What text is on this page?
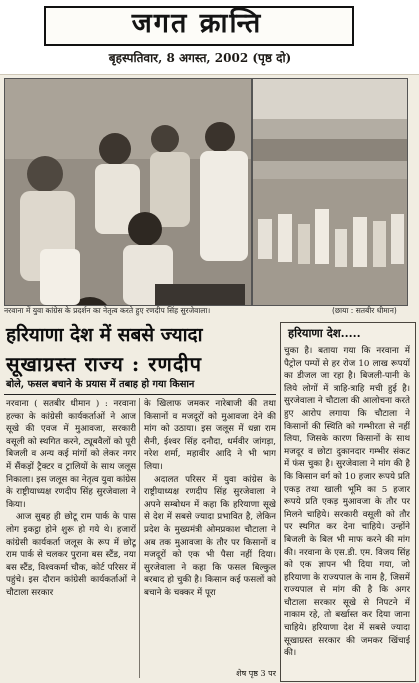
जगत क्रान्ति
बृहस्पतिवार, 8 अगस्त, 2002 (पृष्ठ दो)
नरवाना में युवा कांग्रेस के प्रदर्शन का नेतृत्व करते हुए रणदीप सिंह सुरजेवाला।	(छाया : सतबीर धीमान)
हरियाणा देश में सबसे ज्यादा
सूखाग्रस्त राज्य : रणदीप
बोले, फसल बचाने के प्रयास में तबाह हो गया किसान

नरवाना ( सतबीर धीमान ) : नरवाना हल्का के कांग्रेसी कार्यकर्ताओं ने आज सूखे की एवज में मुआवजा, सरकारी वसूली को स्थगित करने, ट्यूबवैलों को पूरी बिजली व अन्य कई मांगों को लेकर नगर में सैंकड़ों ट्रैक्टर व ट्रालियों के साथ जलूस निकाला। इस जलूस का नेतृत्व युवा कांग्रेस के राष्ट्रीयाध्यक्ष रणदीप सिंह सुरजेवाला ने किया।

आज सुबह ही छोटू राम पार्क के पास लोग इकट्ठा होने शुरू हो गये थे। हजारों कांग्रेसी कार्यकर्ता जलूस के रूप में छोटू राम पार्क से चलकर पुराना बस स्टैंड, नया बस स्टैंड, विश्वकर्मा चौक, कोर्ट परिसर में पहुंचे। इस दौरान कांग्रेसी कार्यकर्ताओं ने चौटाला सरकार

के खिलाफ जमकर नारेबाजी की तथा किसानों व मजदूरों को मुआवजा देने की मांग को उठाया। इस जलूस में धन्ना राम सैनी, ईश्वर सिंह दनौदा, धर्मवीर जांगड़ा, नरेश शर्मा, महावीर आदि ने भी भाग लिया।

अदालत परिसर में युवा कांग्रेस के राष्ट्रीयाध्यक्ष रणदीप सिंह सुरजेवाला ने अपने सम्बोधन में कहा कि हरियाणा सूखे से देश में सबसे ज्यादा प्रभावित है, लेकिन प्रदेश के मुख्यमंत्री ओमप्रकाश चौटाला ने अब तक मुआवजा के तौर पर किसानों व मजदूरों को एक भी पैसा नहीं दिया। सुरजेवाला ने कहा कि फसल बिल्कुल बरबाद हो चुकी है। किसान कई फसलों को बचाने के चक्कर में पूरा

शेष पृष्ठ 3 पर
हरियाणा देश.....

चुका है। बताया गया कि नरवाना में पैट्रोल पम्पों से हर रोज 10 लाख रूपयों का डीजल जा रहा है। बिजली-पानी के लिये लोगों में त्राहि-त्राहि मची हुई है। सुरजेवाला ने चौटाला की आलोचना करते हुए आरोप लगाया कि चौटाला ने किसानों की स्थिति को गम्भीरता से नहीं लिया, जिसके कारण किसानों के साथ मजदूर व छोटा दुकानदार गम्भीर संकट में फंस चुका है। सुरजेवाला ने मांग की है कि किसान वर्ग को 10 हजार रूपये प्रति एकड़ तथा खाली भूमि का 5 हजार रूपये प्रति एकड़ मुआवजा के तौर पर मिलने चाहिये। सरकारी वसूली को तौर पर स्थगित कर देना चाहिये। उन्होंने बिजली के बिल भी माफ करने की मांग की। नरवाना के एस.डी. एम. विजय सिंह को एक ज्ञापन भी दिया गया, जो हरियाणा के राज्यपाल के नाम है, जिसमें राज्यपाल से मांग की है कि अगर चौटाला सरकार सूखे से निपटने में नाकाम रहे, तो बर्खास्त कर दिया जाना चाहिये। हरियाणा देश में सबसे ज्यादा सूखाग्रस्त सरकार की जमकर खिंचाई की।
